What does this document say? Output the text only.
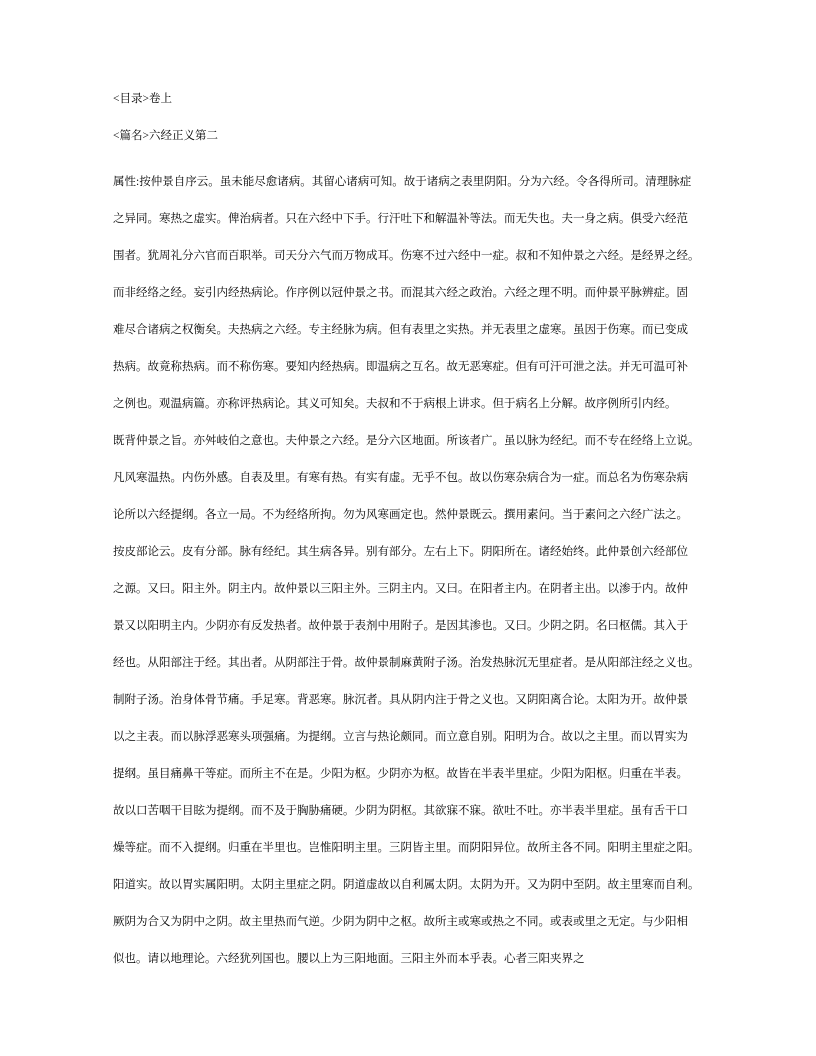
<目录>卷上

<篇名>六经正义第二

属性:按仲景自序云。虽未能尽愈诸病。其留心诸病可知。故于诸病之表里阴阳。分为六经。令各得所司。清理脉症

之异同。寒热之虚实。俾治病者。只在六经中下手。行汗吐下和解温补等法。而无失也。夫一身之病。俱受六经范

围者。犹周礼分六官而百职举。司天分六气而万物成耳。伤寒不过六经中一症。叔和不知仲景之六经。是经界之经。

而非经络之经。妄引内经热病论。作序例以冠仲景之书。而混其六经之政治。六经之理不明。而仲景平脉辨症。固

难尽合诸病之权衡矣。夫热病之六经。专主经脉为病。但有表里之实热。并无表里之虚寒。虽因于伤寒。而已变成

热病。故竟称热病。而不称伤寒。要知内经热病。即温病之互名。故无恶寒症。但有可汗可泄之法。并无可温可补

之例也。观温病篇。亦称评热病论。其义可知矣。夫叔和不于病根上讲求。但于病名上分解。故序例所引内经。

既背仲景之旨。亦舛岐伯之意也。夫仲景之六经。是分六区地面。所该者广。虽以脉为经纪。而不专在经络上立说。

凡风寒温热。内伤外感。自表及里。有寒有热。有实有虚。无乎不包。故以伤寒杂病合为一症。而总名为伤寒杂病

论所以六经提纲。各立一局。不为经络所拘。勿为风寒画定也。然仲景既云。撰用素问。当于素问之六经广法之。

按皮部论云。皮有分部。脉有经纪。其生病各异。别有部分。左右上下。阴阳所在。诸经始终。此仲景创六经部位

之源。又曰。阳主外。阴主内。故仲景以三阳主外。三阴主内。又曰。在阳者主内。在阴者主出。以渗于内。故仲

景又以阳明主内。少阴亦有反发热者。故仲景于表剂中用附子。是因其渗也。又曰。少阴之阴。名曰枢儒。其入于

经也。从阳部注于经。其出者。从阴部注于骨。故仲景制麻黄附子汤。治发热脉沉无里症者。是从阳部注经之义也。

制附子汤。治身体骨节痛。手足寒。背恶寒。脉沉者。具从阴内注于骨之义也。又阴阳离合论。太阳为开。故仲景

以之主表。而以脉浮恶寒头项强痛。为提纲。立言与热论颇同。而立意自别。阳明为合。故以之主里。而以胃实为

提纲。虽目痛鼻干等症。而所主不在是。少阳为枢。少阴亦为枢。故皆在半表半里症。少阳为阳枢。归重在半表。

故以口苦咽干目眩为提纲。而不及于胸胁痛硬。少阴为阴枢。其欲寐不寐。欲吐不吐。亦半表半里症。虽有舌干口

燥等症。而不入提纲。归重在半里也。岂惟阳明主里。三阴皆主里。而阴阳异位。故所主各不同。阳明主里症之阳。

阳道实。故以胃实属阳明。太阴主里症之阴。阴道虚故以自利属太阴。太阴为开。又为阴中至阴。故主里寒而自利。

厥阴为合又为阴中之阴。故主里热而气逆。少阴为阴中之枢。故所主或寒或热之不同。或表或里之无定。与少阳相

似也。请以地理论。六经犹列国也。腰以上为三阳地面。三阳主外而本乎表。心者三阳夹界之
